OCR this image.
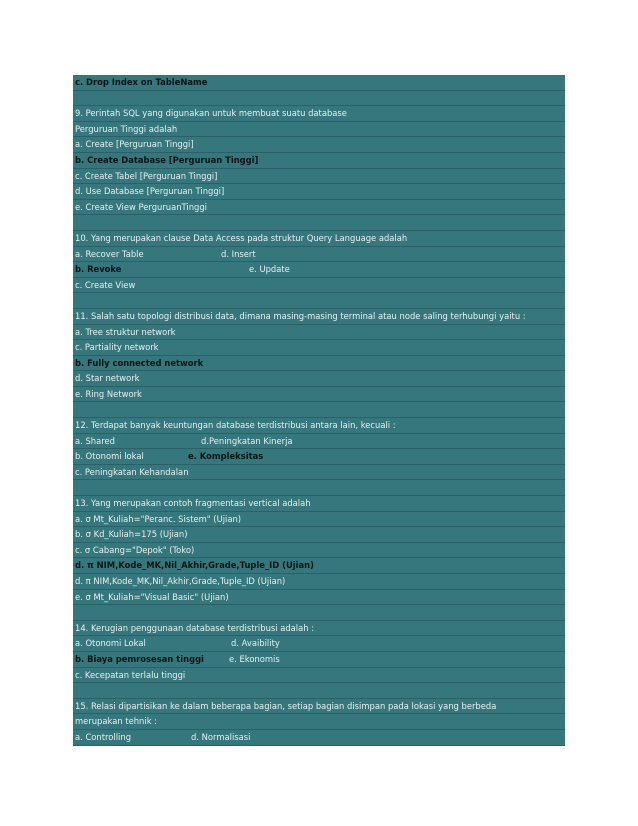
c. Drop Index on TableName
9. Perintah SQL yang digunakan untuk membuat suatu database
Perguruan Tinggi adalah
a. Create [Perguruan Tinggi]
b. Create Database [Perguruan Tinggi]
c. Create Tabel [Perguruan Tinggi]
d. Use Database [Perguruan Tinggi]
e. Create View PerguruanTinggi
10. Yang merupakan clause Data Access pada struktur Query Language adalah
a. Recover Table	d. Insert
b. Revoke	e. Update
c. Create View
11. Salah satu topologi distribusi data, dimana masing-masing terminal atau node saling terhubungi yaitu :
a. Tree struktur network
c. Partiality network
b. Fully connected network
d. Star network
e. Ring Network
12. Terdapat banyak keuntungan database terdistribusi antara lain, kecuali :
a. Shared	d.Peningkatan Kinerja
b. Otonomi lokal	e. Kompleksitas
c. Peningkatan Kehandalan
13. Yang merupakan contoh fragmentasi vertical adalah
a. σ Mt_Kuliah="Peranc. Sistem" (Ujian)
b. σ Kd_Kuliah=175 (Ujian)
c. σ Cabang="Depok" (Toko)
d. π NIM,Kode_MK,Nil_Akhir,Grade,Tuple_ID (Ujian)
d. π NIM,Kode_MK,Nil_Akhir,Grade,Tuple_ID (Ujian)
e. σ Mt_Kuliah="Visual Basic" (Ujian)
14. Kerugian penggunaan database terdistribusi adalah :
a. Otonomi Lokal	d. Avaibility
b. Biaya pemrosesan tinggi	e. Ekonomis
c. Kecepatan terlalu tinggi
15. Relasi dipartisikan ke dalam beberapa bagian, setiap bagian disimpan pada lokasi yang berbeda
merupakan tehnik :
a. Controlling	d. Normalisasi
